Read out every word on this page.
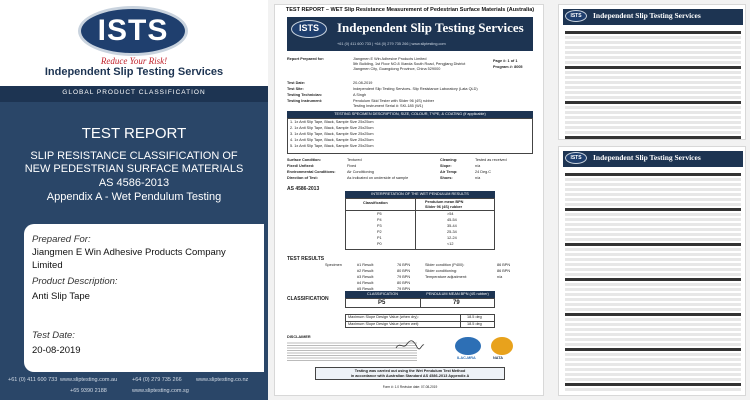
ISTS
Reduce Your Risk!
Independent Slip Testing Services
GLOBAL PRODUCT CLASSIFICATION
TEST REPORT
SLIP RESISTANCE CLASSIFICATION OF
NEW PEDESTRIAN SURFACE MATERIALS
AS 4586-2013
Appendix A - Wet Pendulum Testing
Prepared For:
Jiangmen E Win Adhesive Products Company
Limited
Product Description:
Anti Slip Tape
Test Date:
20-08-2019
+61 (0) 411 600 733 www.sliptesting.com.au	+64 (0) 279 735 266	www.sliptesting.co.nz
+65 9390 2188	www.sliptesting.com.sg
TEST REPORT – WET Slip Resistance Measurement of Pedestrian Surface Materials (Australia)
ISTS	Independent Slip Testing Services
+61 (0) 411 600 733 | +64 (0) 279 735 266 | www.sliptesting.com
Report Prepared for:	Jiangmen E Win Adhesive Products Limited
5th Building, 1st Floor NO.8 Xianda South Road, Pengjiang District
Jiangmen City, Guangdong Province, China 529000
Page #: 1 of 1
Program #: 8005
Test Date:	20-08-2019
Test Site:	Independent Slip Testing Services- Slip Resistance Laboratory (Lata QLD)
Testing Technician:	A Singh
Testing Instrument:	Pendulum Skid Tester with Slider 96 (4S) rubber
Testing Instrument Serial #: SKI-185 (W1)
TESTING SPECIMEN DESCRIPTION, SIZE, COLOUR, TYPE, & COATING (if applicable)
1. 1x Anti Slip Tape, Black, Sample Size 25x25cm
2. 1x Anti Slip Tape, Black, Sample Size 25x25cm
3. 1x Anti Slip Tape, Black, Sample Size 25x25cm
4. 1x Anti Slip Tape, Black, Sample Size 25x25cm
5. 1x Anti Slip Tape, Black, Sample Size 25x25cm
Surface Condition:	Textured	Cleaning:	Tested as received
Fixed/ Unfixed:	Fixed	Slope:	n/a
Environmental Conditions:	Air Conditioning	Air Temp:	24 Deg.C
Direction of Test:	As indicated on underside of sample	Shoes:	n/a
AS 4586-2013
INTERPRETATION OF THE WET PENDULUM RESULTS
Classification	Pendulum mean BPN
Slider 96 (4S) rubber
P5	>54
P4	45-54
P3	35-44
P2	25-34
P1	12-24
P0	<12
TEST RESULTS
Specimen	#1 Result:	76 BPN
#2 Result:	80 BPN
#3 Result:	79 BPN
#4 Result:	80 BPN
#5 Result:	79 BPN
Slider condition (P400):	86 BPN
Slider conditioning:	86 BPN
Temperature adjustment:	n/a
CLASSIFICATION
CLASSIFICATION	PENDULUM MEAN BPN (4S rubber)
P5	79
Maximum Slope Design Value (when dry):	18.5 deg
Maximum Slope Design Value (when wet):	18.5 deg
DISCLAIMER
ILAC-MRA	NATA
Testing was carried out using the Wet Pendulum Test Method
in accordance with Australian Standard AS 4586-2013 Appendix A
Form #: 1.0 Revision date: 07-08-2019
ISTS	Independent Slip Testing Services
ISTS	Independent Slip Testing Services
